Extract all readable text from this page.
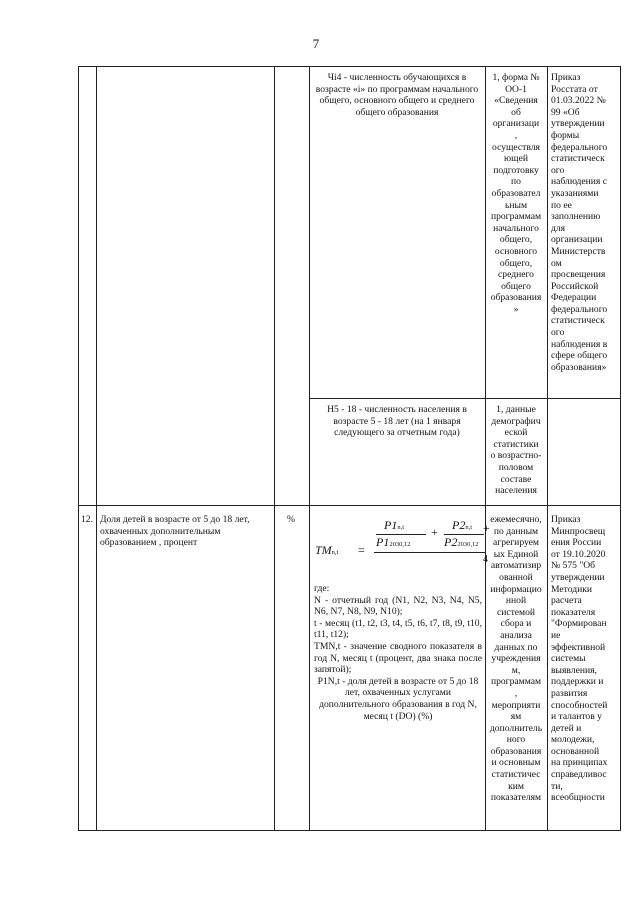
7
Чi4 - численность обучающихся в возрасте «i» по программам начального общего, основного общего и среднего общего образования
1, форма №
ОО-1
«Сведения
об
организаци
,
осуществля
ющей
подготовку
по
образовател
ьным
программам
начального
общего,
основного
общего,
среднего
общего
образования
»
Приказ
Росстата от
01.03.2022 №
99 «Об
утверждении
формы
федерального
статистическ
ого
наблюдения с
указаниями
по ее
заполнению
для
организации
Министерств
ом
просвещения
Российской
Федерации
федерального
статистическ
ого
наблюдения в
сфере общего
образования»
Н5 - 18 - численность населения в возрасте 5 - 18 лет (на 1 января следующего за отчетным года)
1, данные
демографич
еской
статистики
о возрастно-
половом
составе
населения
12. Доля детей в возрасте от 5 до 18 лет, охваченных дополнительным образованием , процент
%
TMn,t =
P1n,t
P12030,12
+ P2n,t
P22030,12
+
4
где:
N - отчетный год (N1, N2, N3, N4, N5, N6, N7, N8, N9, N10);
t - месяц (t1, t2, t3, t4, t5, t6, t7, t8, t9, t10, t11, t12);
TMN,t - значение сводного показателя в год N, месяц t (процент, два знака после запятой);
P1N,t - доля детей в возрасте от 5 до 18 лет, охваченных услугами дополнительного образования в год N, месяц t (DO) (%)
ежемесячно,
по данным
агрегируем
ых Единой
автоматизир
ованной
информацио
нной
системой
сбора и
анализа
данных по
учреждения
м,
программам
,
мероприяти
ям
дополнитель
ного
образования
и основным
статистичес
ким
показателям
Приказ
Минпросвещ
ения России
от 19.10.2020
№ 575 "Об
утверждении
Методики
расчета
показателя
"Формирован
ие
эффективной
системы
выявления,
поддержки и
развития
способностей
и талантов у
детей и
молодежи,
основанной
на принципах
справедливос
ти,
всеобщности
